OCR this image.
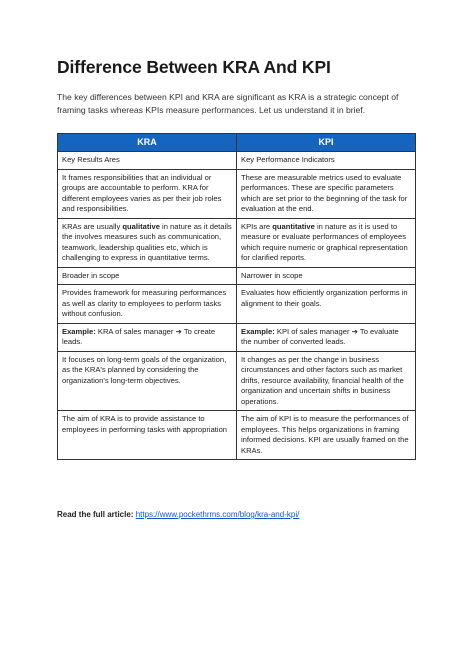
Difference Between KRA And KPI

The key differences between KPI and KRA are significant as KRA is a strategic concept of framing tasks whereas KPIs measure performances. Let us understand it in brief.

KRA	KPI
Key Results Ares	Key Performance Indicators
It frames responsibilities that an individual or groups are accountable to perform. KRA for different employees varies as per their job roles and responsibilities.	These are measurable metrics used to evaluate performances. These are specific parameters which are set prior to the beginning of the task for evaluation at the end.
KRAs are usually qualitative in nature as it details the involves measures such as communication, teamwork, leadership qualities etc, which is challenging to express in quantitative terms.	KPIs are quantitative in nature as it is used to measure or evaluate performances of employees which require numeric or graphical representation for clarified reports.
Broader in scope	Narrower in scope
Provides framework for measuring performances as well as clarity to employees to perform tasks without confusion.	Evaluates how efficiently organization performs in alignment to their goals.
Example: KRA of sales manager ➔ To create leads.	Example: KPI of sales manager ➔ To evaluate the number of converted leads.
It focuses on long-term goals of the organization, as the KRA's planned by considering the organization's long-term objectives.	It changes as per the change in business circumstances and other factors such as market drifts, resource availability, financial health of the organization and uncertain shifts in business operations.
The aim of KRA is to provide assistance to employees in performing tasks with appropriation	The aim of KPI is to measure the performances of employees. This helps organizations in framing informed decisions. KPI are usually framed on the KRAs.

Read the full article: https://www.pockethrms.com/blog/kra-and-kpi/
